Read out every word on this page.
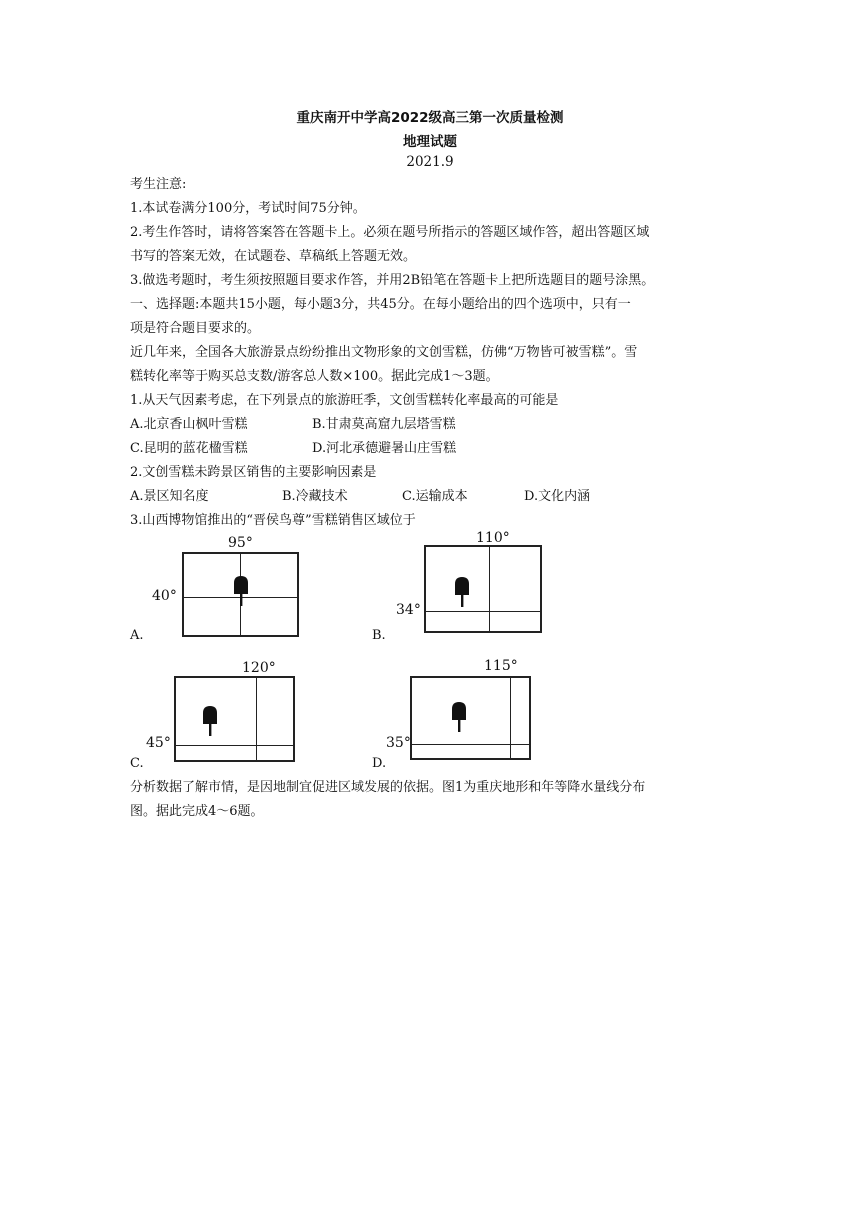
重庆南开中学高2022级高三第一次质量检测
地理试题
2021.9
考生注意:
1.本试卷满分100分，考试时间75分钟。
2.考生作答时，请将答案答在答题卡上。必须在题号所指示的答题区域作答，超出答题区域
书写的答案无效，在试题卷、草稿纸上答题无效。
3.做选考题时，考生须按照题目要求作答，并用2B铅笔在答题卡上把所选题目的题号涂黑。
一、选择题:本题共15小题，每小题3分，共45分。在每小题给出的四个选项中，只有一
项是符合题目要求的。
近几年来，全国各大旅游景点纷纷推出文物形象的文创雪糕，仿佛“万物皆可被雪糕”。雪
糕转化率等于购买总支数/游客总人数×100。据此完成1～3题。
1.从天气因素考虑，在下列景点的旅游旺季，文创雪糕转化率最高的可能是
A.北京香山枫叶雪糕	B.甘肃莫高窟九层塔雪糕
C.昆明的蓝花楹雪糕	D.河北承德避暑山庄雪糕
2.文创雪糕未跨景区销售的主要影响因素是
A.景区知名度	B.冷藏技术	C.运输成本	D.文化内涵
3.山西博物馆推出的“晋侯鸟尊”雪糕销售区域位于
95°
40°
A.
110°
34°
B.
120°
45°
C.
115°
35°
D.
分析数据了解市情，是因地制宜促进区域发展的依据。图1为重庆地形和年等降水量线分布
图。据此完成4～6题。
